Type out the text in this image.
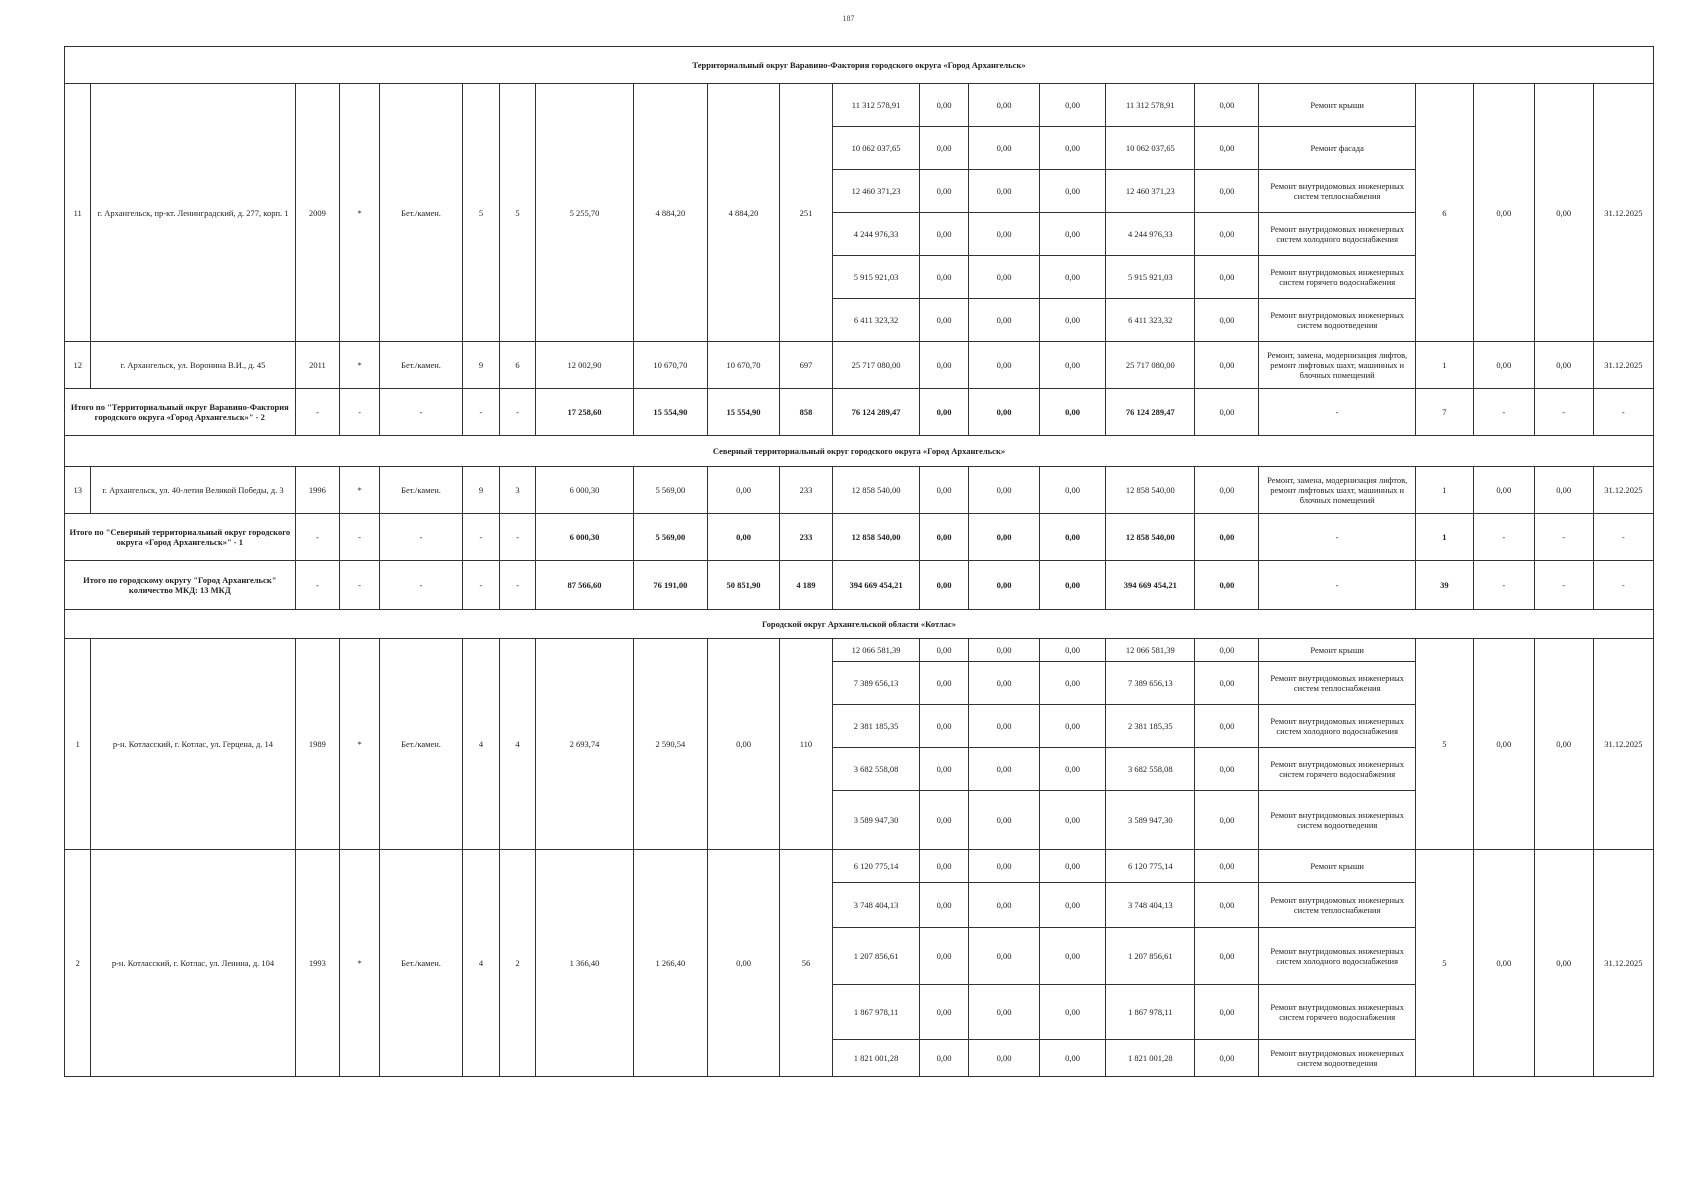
187
Территориальный округ Варавино-Фактория городского округа «Город Архангельск»																					
11	г. Архангельск, пр-кт. Ленинградский, д. 277, корп. 1	2009	*	Бет./камен.	5	5	5 255,70	4 884,20	4 884,20	251	11 312 578,91	0,00	0,00	0,00	11 312 578,91	0,00	Ремонт крыши	6	0,00	0,00	31.12.2025
											10 062 037,65	0,00	0,00	0,00	10 062 037,65	0,00	Ремонт фасада				
											12 460 371,23	0,00	0,00	0,00	12 460 371,23	0,00	Ремонт внутридомовых инженерных систем теплоснабжения				
											4 244 976,33	0,00	0,00	0,00	4 244 976,33	0,00	Ремонт внутридомовых инженерных систем холодного водоснабжения				
											5 915 921,03	0,00	0,00	0,00	5 915 921,03	0,00	Ремонт внутридомовых инженерных систем горячего водоснабжения				
											6 411 323,32	0,00	0,00	0,00	6 411 323,32	0,00	Ремонт внутридомовых инженерных систем водоотведения				
12	г. Архангельск, ул. Воронина В.И., д. 45	2011	*	Бет./камен.	9	6	12 002,90	10 670,70	10 670,70	697	25 717 080,00	0,00	0,00	0,00	25 717 080,00	0,00	Ремонт, замена, модернизация лифтов, ремонт лифтовых шахт, машинных и блочных помещений	1	0,00	0,00	31.12.2025
Итого по "Территориальный округ Варавино-Фактория городского округа «Город Архангельск»" - 2		-	-	-	-	-	17 258,60	15 554,90	15 554,90	858	76 124 289,47	0,00	0,00	0,00	76 124 289,47	0,00	-	7	-	-	-
Северный территориальный округ городского округа «Город Архангельск»																					
13	г. Архангельск, ул. 40-летия Великой Победы, д. 3	1996	*	Бет./камен.	9	3	6 000,30	5 569,00	0,00	233	12 858 540,00	0,00	0,00	0,00	12 858 540,00	0,00	Ремонт, замена, модернизация лифтов, ремонт лифтовых шахт, машинных и блочных помещений	1	0,00	0,00	31.12.2025
Итого по "Северный территориальный округ городского округа «Город Архангельск»" - 1		-	-	-	-	-	6 000,30	5 569,00	0,00	233	12 858 540,00	0,00	0,00	0,00	12 858 540,00	0,00	-	1	-	-	-
Итого по городскому округу "Город Архангельск" количество МКД: 13 МКД		-	-	-	-	-	87 566,60	76 191,00	50 851,90	4 189	394 669 454,21	0,00	0,00	0,00	394 669 454,21	0,00	-	39	-	-	-
Городской округ Архангельской области «Котлас»																					
1	р-н. Котласский, г. Котлас, ул. Герцена, д. 14	1989	*	Бет./камен.	4	4	2 693,74	2 590,54	0,00	110	12 066 581,39	0,00	0,00	0,00	12 066 581,39	0,00	Ремонт крыши	5	0,00	0,00	31.12.2025
											7 389 656,13	0,00	0,00	0,00	7 389 656,13	0,00	Ремонт внутридомовых инженерных систем теплоснабжения				
											2 381 185,35	0,00	0,00	0,00	2 381 185,35	0,00	Ремонт внутридомовых инженерных систем холодного водоснабжения				
											3 682 558,08	0,00	0,00	0,00	3 682 558,08	0,00	Ремонт внутридомовых инженерных систем горячего водоснабжения				
											3 589 947,30	0,00	0,00	0,00	3 589 947,30	0,00	Ремонт внутридомовых инженерных систем водоотведения				
2	р-н. Котласский, г. Котлас, ул. Ленина, д. 104	1993	*	Бет./камен.	4	2	1 366,40	1 266,40	0,00	56	6 120 775,14	0,00	0,00	0,00	6 120 775,14	0,00	Ремонт крыши	5	0,00	0,00	31.12.2025
											3 748 404,13	0,00	0,00	0,00	3 748 404,13	0,00	Ремонт внутридомовых инженерных систем теплоснабжения				
											1 207 856,61	0,00	0,00	0,00	1 207 856,61	0,00	Ремонт внутридомовых инженерных систем холодного водоснабжения				
											1 867 978,11	0,00	0,00	0,00	1 867 978,11	0,00	Ремонт внутридомовых инженерных систем горячего водоснабжения				
											1 821 001,28	0,00	0,00	0,00	1 821 001,28	0,00	Ремонт внутридомовых инженерных систем водоотведения				
